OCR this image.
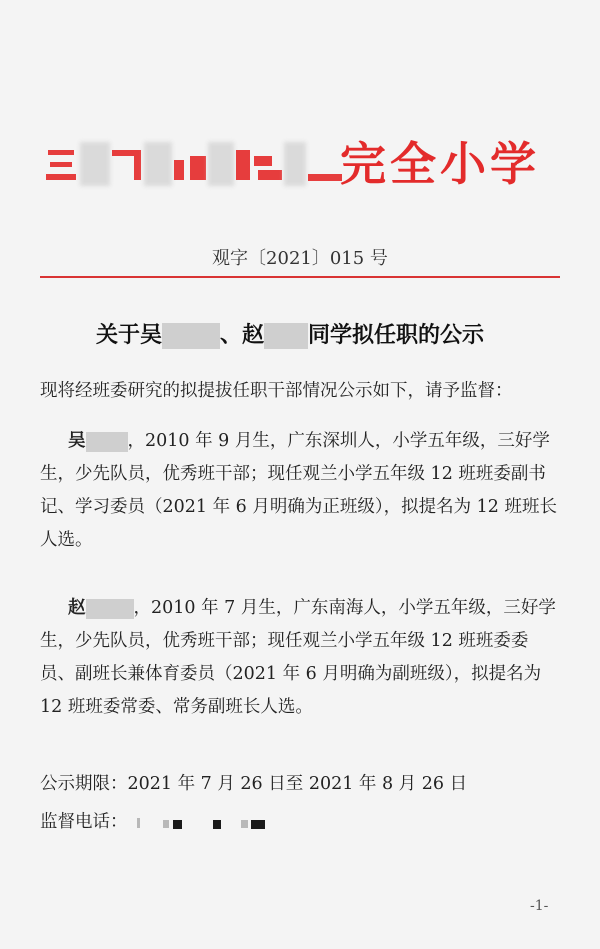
完全小学
观字〔2021〕015 号
关于吴	、赵 同学拟任职的公示
现将经班委研究的拟提拔任职干部情况公示如下，请予监督：
吴 ，2010 年 9 月生，广东深圳人，小学五年级，三好学生，少先队员，优秀班干部；现任观兰小学五年级 12 班班委副书记、学习委员（2021 年 6 月明确为正班级），拟提名为 12 班班长人选。
赵	，2010 年 7 月生，广东南海人，小学五年级，三好学生，少先队员，优秀班干部；现任观兰小学五年级 12 班班委委员、副班长兼体育委员（2021 年 6 月明确为副班级），拟提名为 12 班班委常委、常务副班长人选。
公示期限：2021 年 7 月 26 日至 2021 年 8 月 26 日
监督电话：
-1-
